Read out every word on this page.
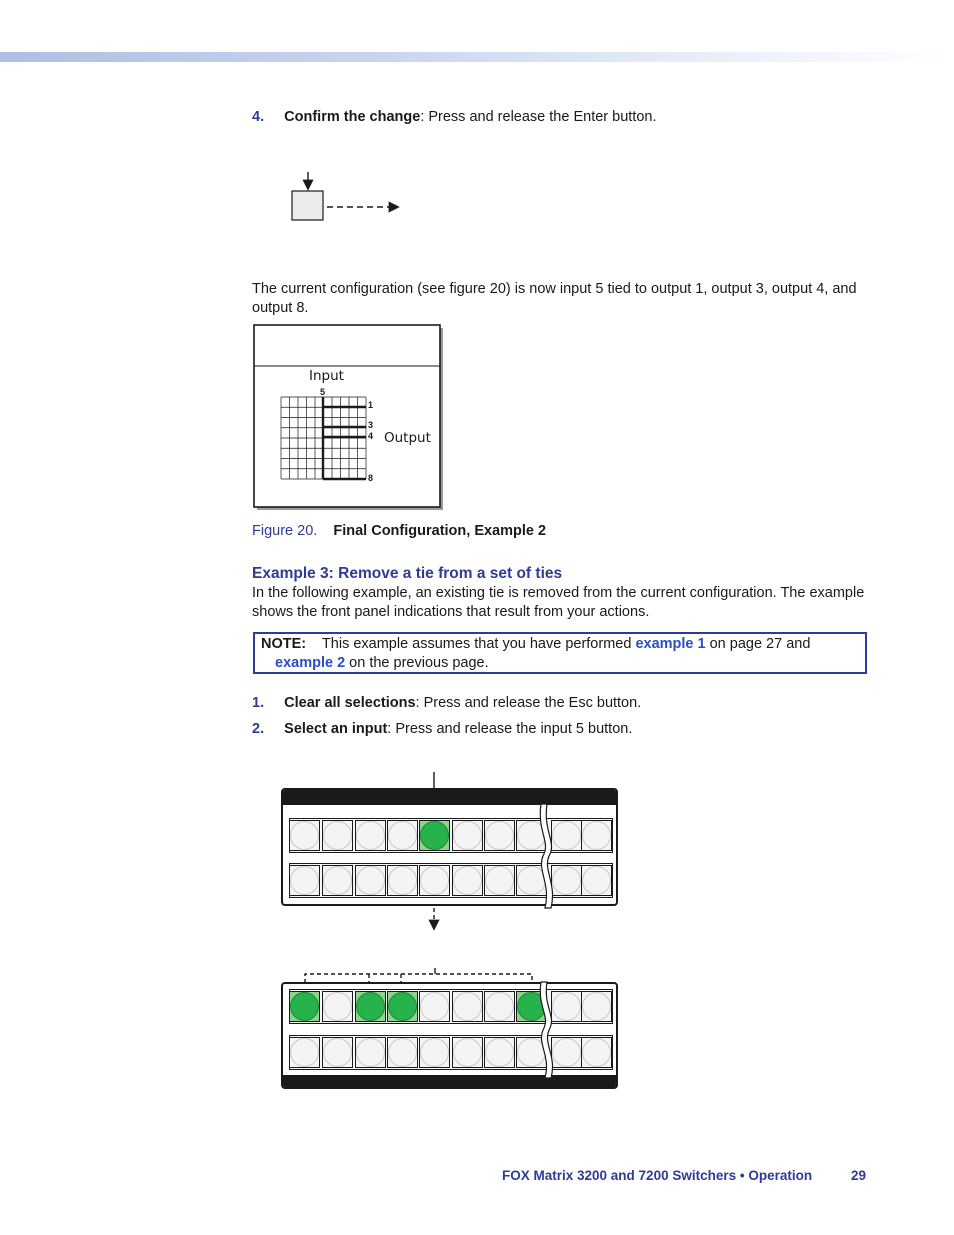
4. Confirm the change: Press and release the Enter button.
The current configuration (see figure 20) is now input 5 tied to output 1, output 3, output 4, and output 8.
Input
5
1
3
4
8
Output
Figure 20. Final Configuration, Example 2
Example 3: Remove a tie from a set of ties
In the following example, an existing tie is removed from the current configuration. The example shows the front panel indications that result from your actions.
NOTE: This example assumes that you have performed example 1 on page 27 and
example 2 on the previous page.
1. Clear all selections: Press and release the Esc button.
2. Select an input: Press and release the input 5 button.
FOX Matrix 3200 and 7200 Switchers • Operation	29
